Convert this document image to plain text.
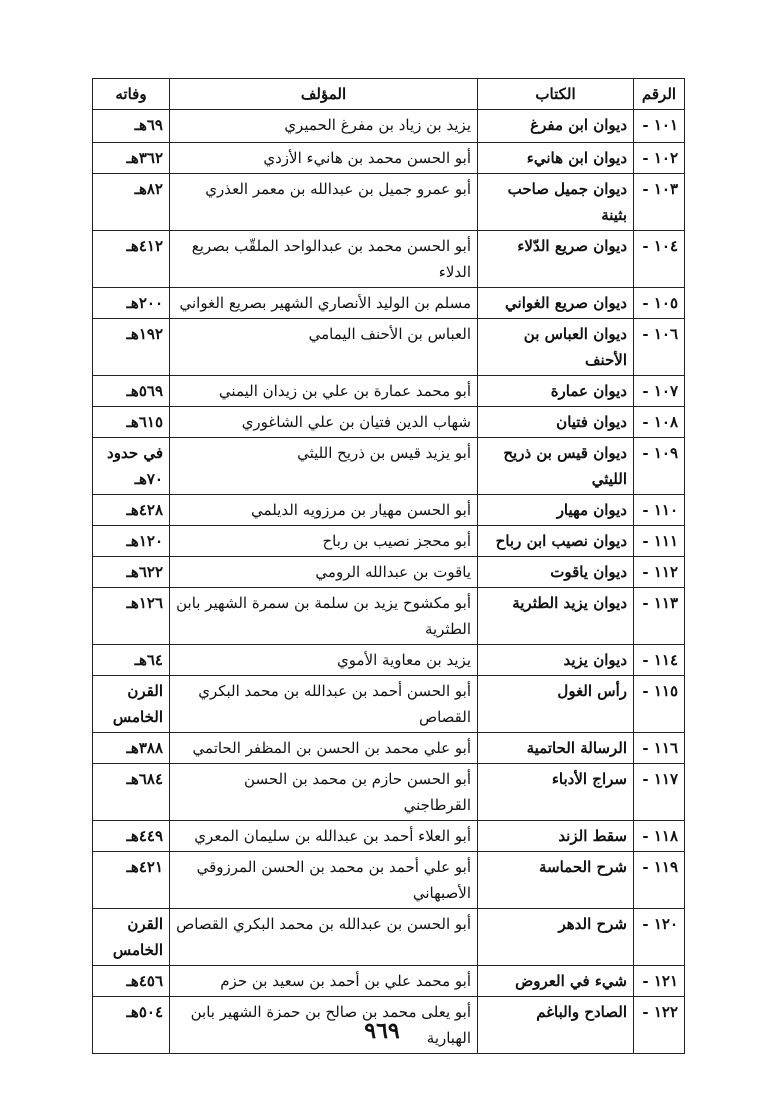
الرقم	الكتاب	المؤلف	وفاته
١٠١ -	ديوان ابن مفرغ	يزيد بن زياد بن مفرغ الحميري	٦٩هـ
١٠٢ -	ديوان ابن هانيء	أبو الحسن محمد بن هانيء الأزدي	٣٦٢هـ
١٠٣ -	ديوان جميل صاحب بثينة	أبو عمرو جميل بن عبدالله بن معمر العذري	٨٢هـ
١٠٤ -	ديوان صريع الدّلاء	أبو الحسن محمد بن عبدالواحد الملقّب بصريع الدلاء	٤١٢هـ
١٠٥ -	ديوان صريع الغواني	مسلم بن الوليد الأنصاري الشهير بصريع الغواني	٢٠٠هـ
١٠٦ -	ديوان العباس بن الأحنف	العباس بن الأحنف اليمامي	١٩٢هـ
١٠٧ -	ديوان عمارة	أبو محمد عمارة بن علي بن زيدان اليمني	٥٦٩هـ
١٠٨ -	ديوان فتيان	شهاب الدين فتيان بن علي الشاغوري	٦١٥هـ
١٠٩ -	ديوان قيس بن ذريح الليثي	أبو يزيد قيس بن ذريح الليثي	في حدود ٧٠هـ
١١٠ -	ديوان مهيار	أبو الحسن مهيار بن مرزويه الديلمي	٤٢٨هـ
١١١ -	ديوان نصيب ابن رباح	أبو محجز نصيب بن رباح	١٢٠هـ
١١٢ -	ديوان ياقوت	ياقوت بن عبدالله الرومي	٦٢٢هـ
١١٣ -	ديوان يزيد الطثرية	أبو مكشوح يزيد بن سلمة بن سمرة الشهير بابن الطثرية	١٢٦هـ
١١٤ -	ديوان يزيد	يزيد بن معاوية الأموي	٦٤هـ
١١٥ -	رأس الغول	أبو الحسن أحمد بن عبدالله بن محمد البكري القصاص	القرن الخامس
١١٦ -	الرسالة الحاتمية	أبو علي محمد بن الحسن بن المظفر الحاتمي	٣٨٨هـ
١١٧ -	سراج الأدباء	أبو الحسن حازم بن محمد بن الحسن القرطاجني	٦٨٤هـ
١١٨ -	سقط الزند	أبو العلاء أحمد بن عبدالله بن سليمان المعري	٤٤٩هـ
١١٩ -	شرح الحماسة	أبو علي أحمد بن محمد بن الحسن المرزوقي الأصبهاني	٤٢١هـ
١٢٠ -	شرح الدهر	أبو الحسن بن عبدالله بن محمد البكري القصاص	القرن الخامس
١٢١ -	شيء في العروض	أبو محمد علي بن أحمد بن سعيد بن حزم	٤٥٦هـ
١٢٢ -	الصادح والباغم	أبو يعلى محمد بن صالح بن حمزة الشهير بابن الهبارية	٥٠٤هـ
٩٦٩
